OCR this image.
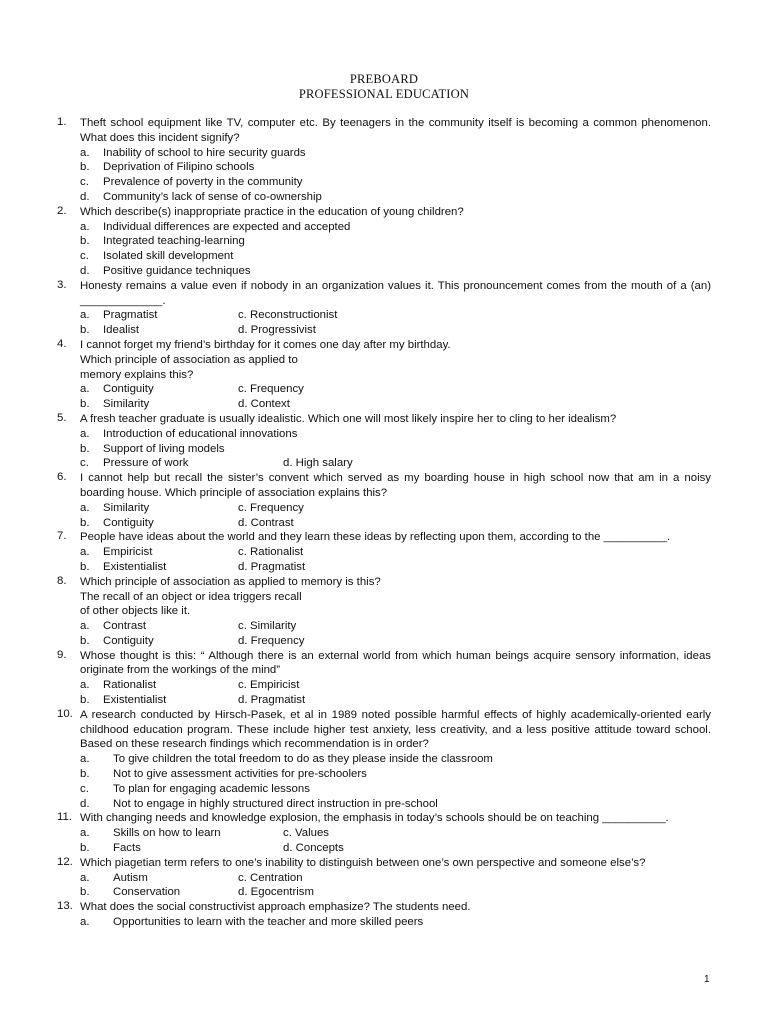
PREBOARD
PROFESSIONAL EDUCATION
1. Theft school equipment like TV, computer etc. By teenagers in the community itself is becoming a common phenomenon. What does this incident signify?
a. Inability of school to hire security guards
b. Deprivation of Filipino schools
c. Prevalence of poverty in the community
d. Community’s lack of sense of co-ownership
2. Which describe(s) inappropriate practice in the education of young children?
a. Individual differences are expected and accepted
b. Integrated teaching-learning
c. Isolated skill development
d. Positive guidance techniques
3. Honesty remains a value even if nobody in an organization values it. This pronouncement comes from the mouth of a (an) _____________.
a. Pragmatist	c. Reconstructionist
b. Idealist	d. Progressivist
4. I cannot forget my friend’s birthday for it comes one day after my birthday.
Which principle of association as applied to
memory explains this?
a. Contiguity	c. Frequency
b. Similarity	d. Context
5. A fresh teacher graduate is usually idealistic. Which one will most likely inspire her to cling to her idealism?
a. Introduction of educational innovations
b. Support of living models
c. Pressure of work	d. High salary
6. I cannot help but recall the sister’s convent which served as my boarding house in high school now that am in a noisy boarding house. Which principle of association explains this?
a. Similarity	c. Frequency
b. Contiguity	d. Contrast
7. People have ideas about the world and they learn these ideas by reflecting upon them, according to the __________.
a. Empiricist	c. Rationalist
b. Existentialist	d. Pragmatist
8. Which principle of association as applied to memory is this?
The recall of an object or idea triggers recall
of other objects like it.
a. Contrast	c. Similarity
b. Contiguity	d. Frequency
9. Whose thought is this: “ Although there is an external world from which human beings acquire sensory information, ideas originate from the workings of the mind”
a. Rationalist	c. Empiricist
b. Existentialist	d. Pragmatist
10. A research conducted by Hirsch-Pasek, et al in 1989 noted possible harmful effects of highly academically-oriented early childhood education program. These include higher test anxiety, less creativity, and a less positive attitude toward school. Based on these research findings which recommendation is in order?
a. To give children the total freedom to do as they please inside the classroom
b. Not to give assessment activities for pre-schoolers
c. To plan for engaging academic lessons
d. Not to engage in highly structured direct instruction in pre-school
11. With changing needs and knowledge explosion, the emphasis in today’s schools should be on teaching __________.
a. Skills on how to learn	c. Values
b. Facts	d. Concepts
12. Which piagetian term refers to one’s inability to distinguish between one’s own perspective and someone else’s?
a. Autism	c. Centration
b. Conservation	d. Egocentrism
13. What does the social constructivist approach emphasize? The students need.
a. Opportunities to learn with the teacher and more skilled peers
1
